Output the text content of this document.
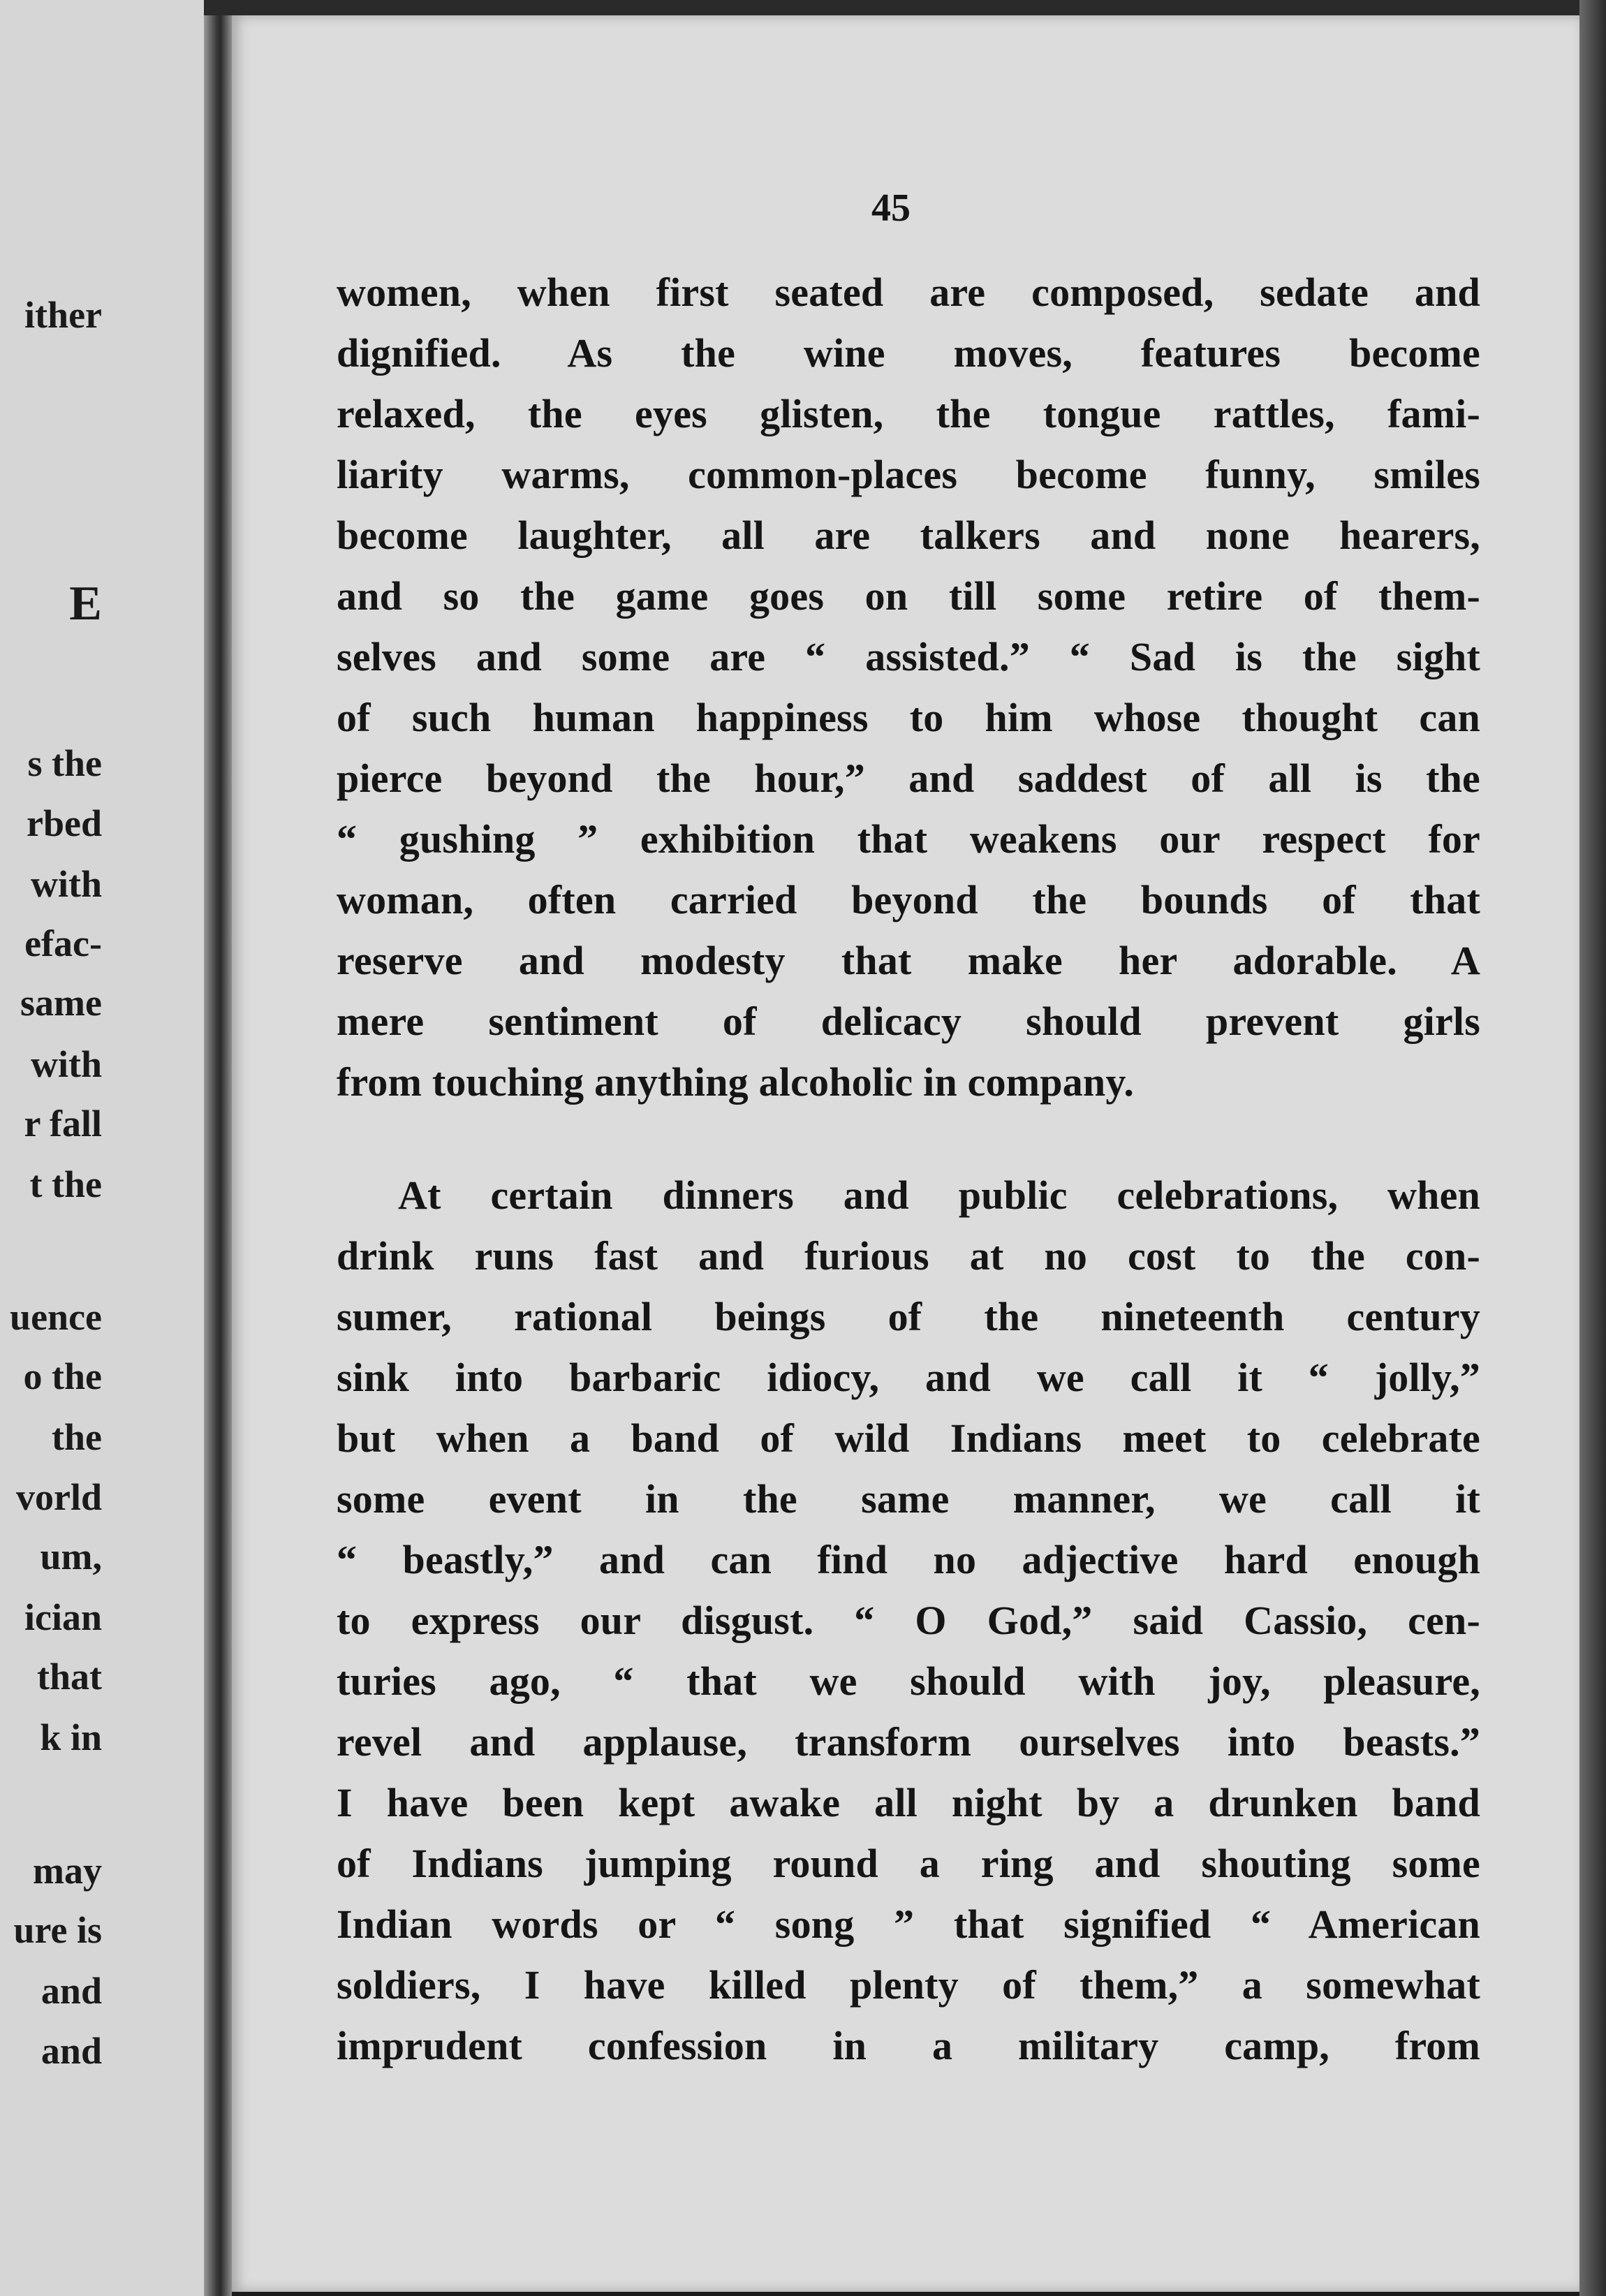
ither
E
s the
rbed
with
efac-
same
with
r fall
t the
uence
o the
the
vorld
um,
ician
that
k in
may
ure is
and
and

45

women, when first seated are composed, sedate and
dignified. As the wine moves, features become
relaxed, the eyes glisten, the tongue rattles, fami-
liarity warms, common-places become funny, smiles
become laughter, all are talkers and none hearers,
and so the game goes on till some retire of them-
selves and some are “ assisted.” “ Sad is the sight
of such human happiness to him whose thought can
pierce beyond the hour,” and saddest of all is the
“ gushing ” exhibition that weakens our respect for
woman, often carried beyond the bounds of that
reserve and modesty that make her adorable. A
mere sentiment of delicacy should prevent girls
from touching anything alcoholic in company.
At certain dinners and public celebrations, when
drink runs fast and furious at no cost to the con-
sumer, rational beings of the nineteenth century
sink into barbaric idiocy, and we call it “ jolly,”
but when a band of wild Indians meet to celebrate
some event in the same manner, we call it
“ beastly,” and can find no adjective hard enough
to express our disgust. “ O God,” said Cassio, cen-
turies ago, “ that we should with joy, pleasure,
revel and applause, transform ourselves into beasts.”
I have been kept awake all night by a drunken band
of Indians jumping round a ring and shouting some
Indian words or “ song ” that signified “ American
soldiers, I have killed plenty of them,” a somewhat
imprudent confession in a military camp, from
